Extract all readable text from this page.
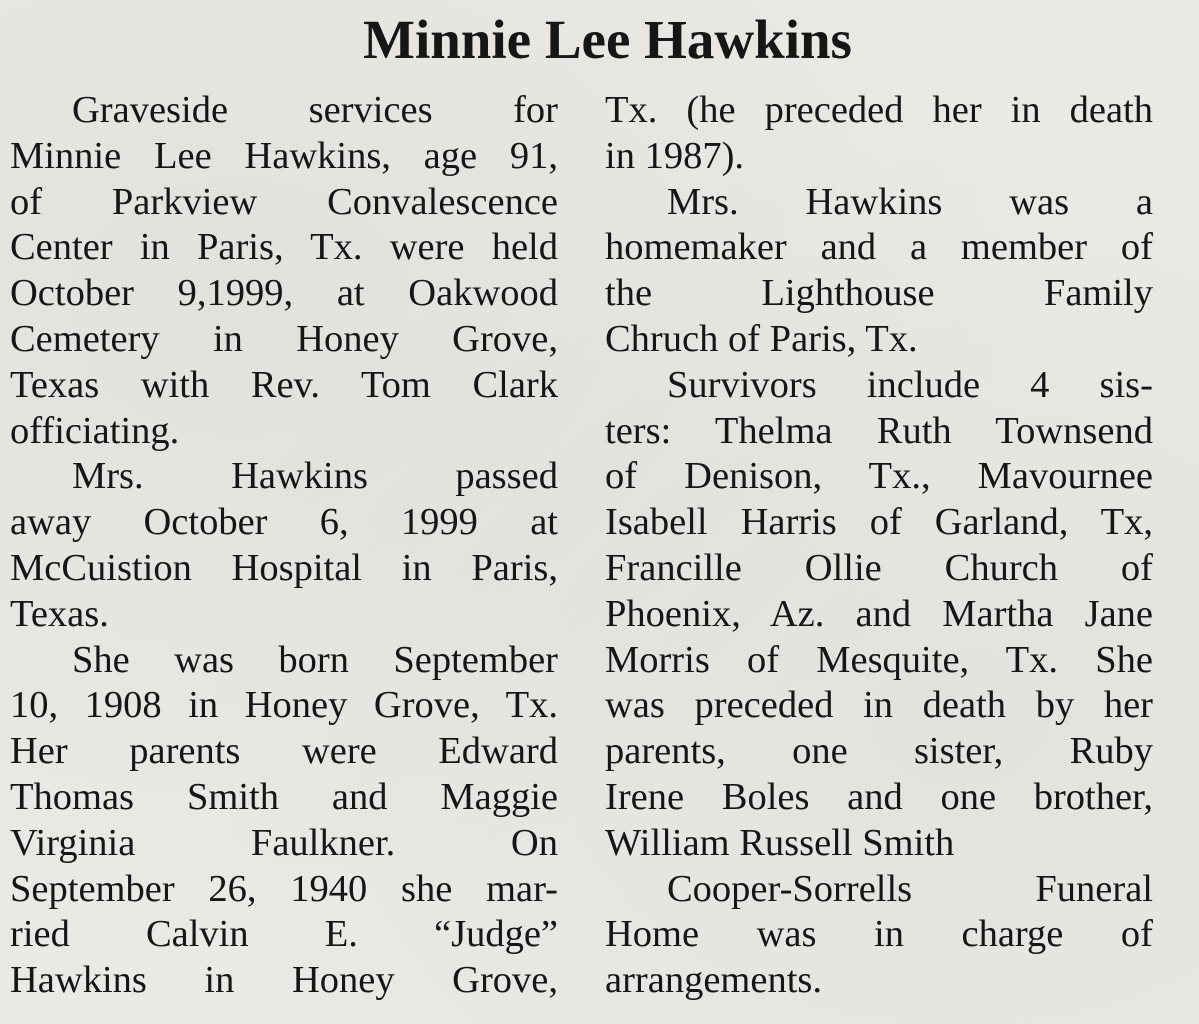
Minnie Lee Hawkins
Graveside services for
Minnie Lee Hawkins, age 91,
of Parkview Convalescence
Center in Paris, Tx. were held
October 9,1999, at Oakwood
Cemetery in Honey Grove,
Texas with Rev. Tom Clark
officiating.
Mrs. Hawkins passed
away October 6, 1999 at
McCuistion Hospital in Paris,
Texas.
She was born September
10, 1908 in Honey Grove, Tx.
Her parents were Edward
Thomas Smith and Maggie
Virginia Faulkner. On
September 26, 1940 she mar-
ried Calvin E. “Judge”
Hawkins in Honey Grove,
Tx. (he preceded her in death
in 1987).
Mrs. Hawkins was a
homemaker and a member of
the Lighthouse Family
Chruch of Paris, Tx.
Survivors include 4 sis-
ters: Thelma Ruth Townsend
of Denison, Tx., Mavournee
Isabell Harris of Garland, Tx,
Francille Ollie Church of
Phoenix, Az. and Martha Jane
Morris of Mesquite, Tx. She
was preceded in death by her
parents, one sister, Ruby
Irene Boles and one brother,
William Russell Smith
Cooper-Sorrells Funeral
Home was in charge of
arrangements.
